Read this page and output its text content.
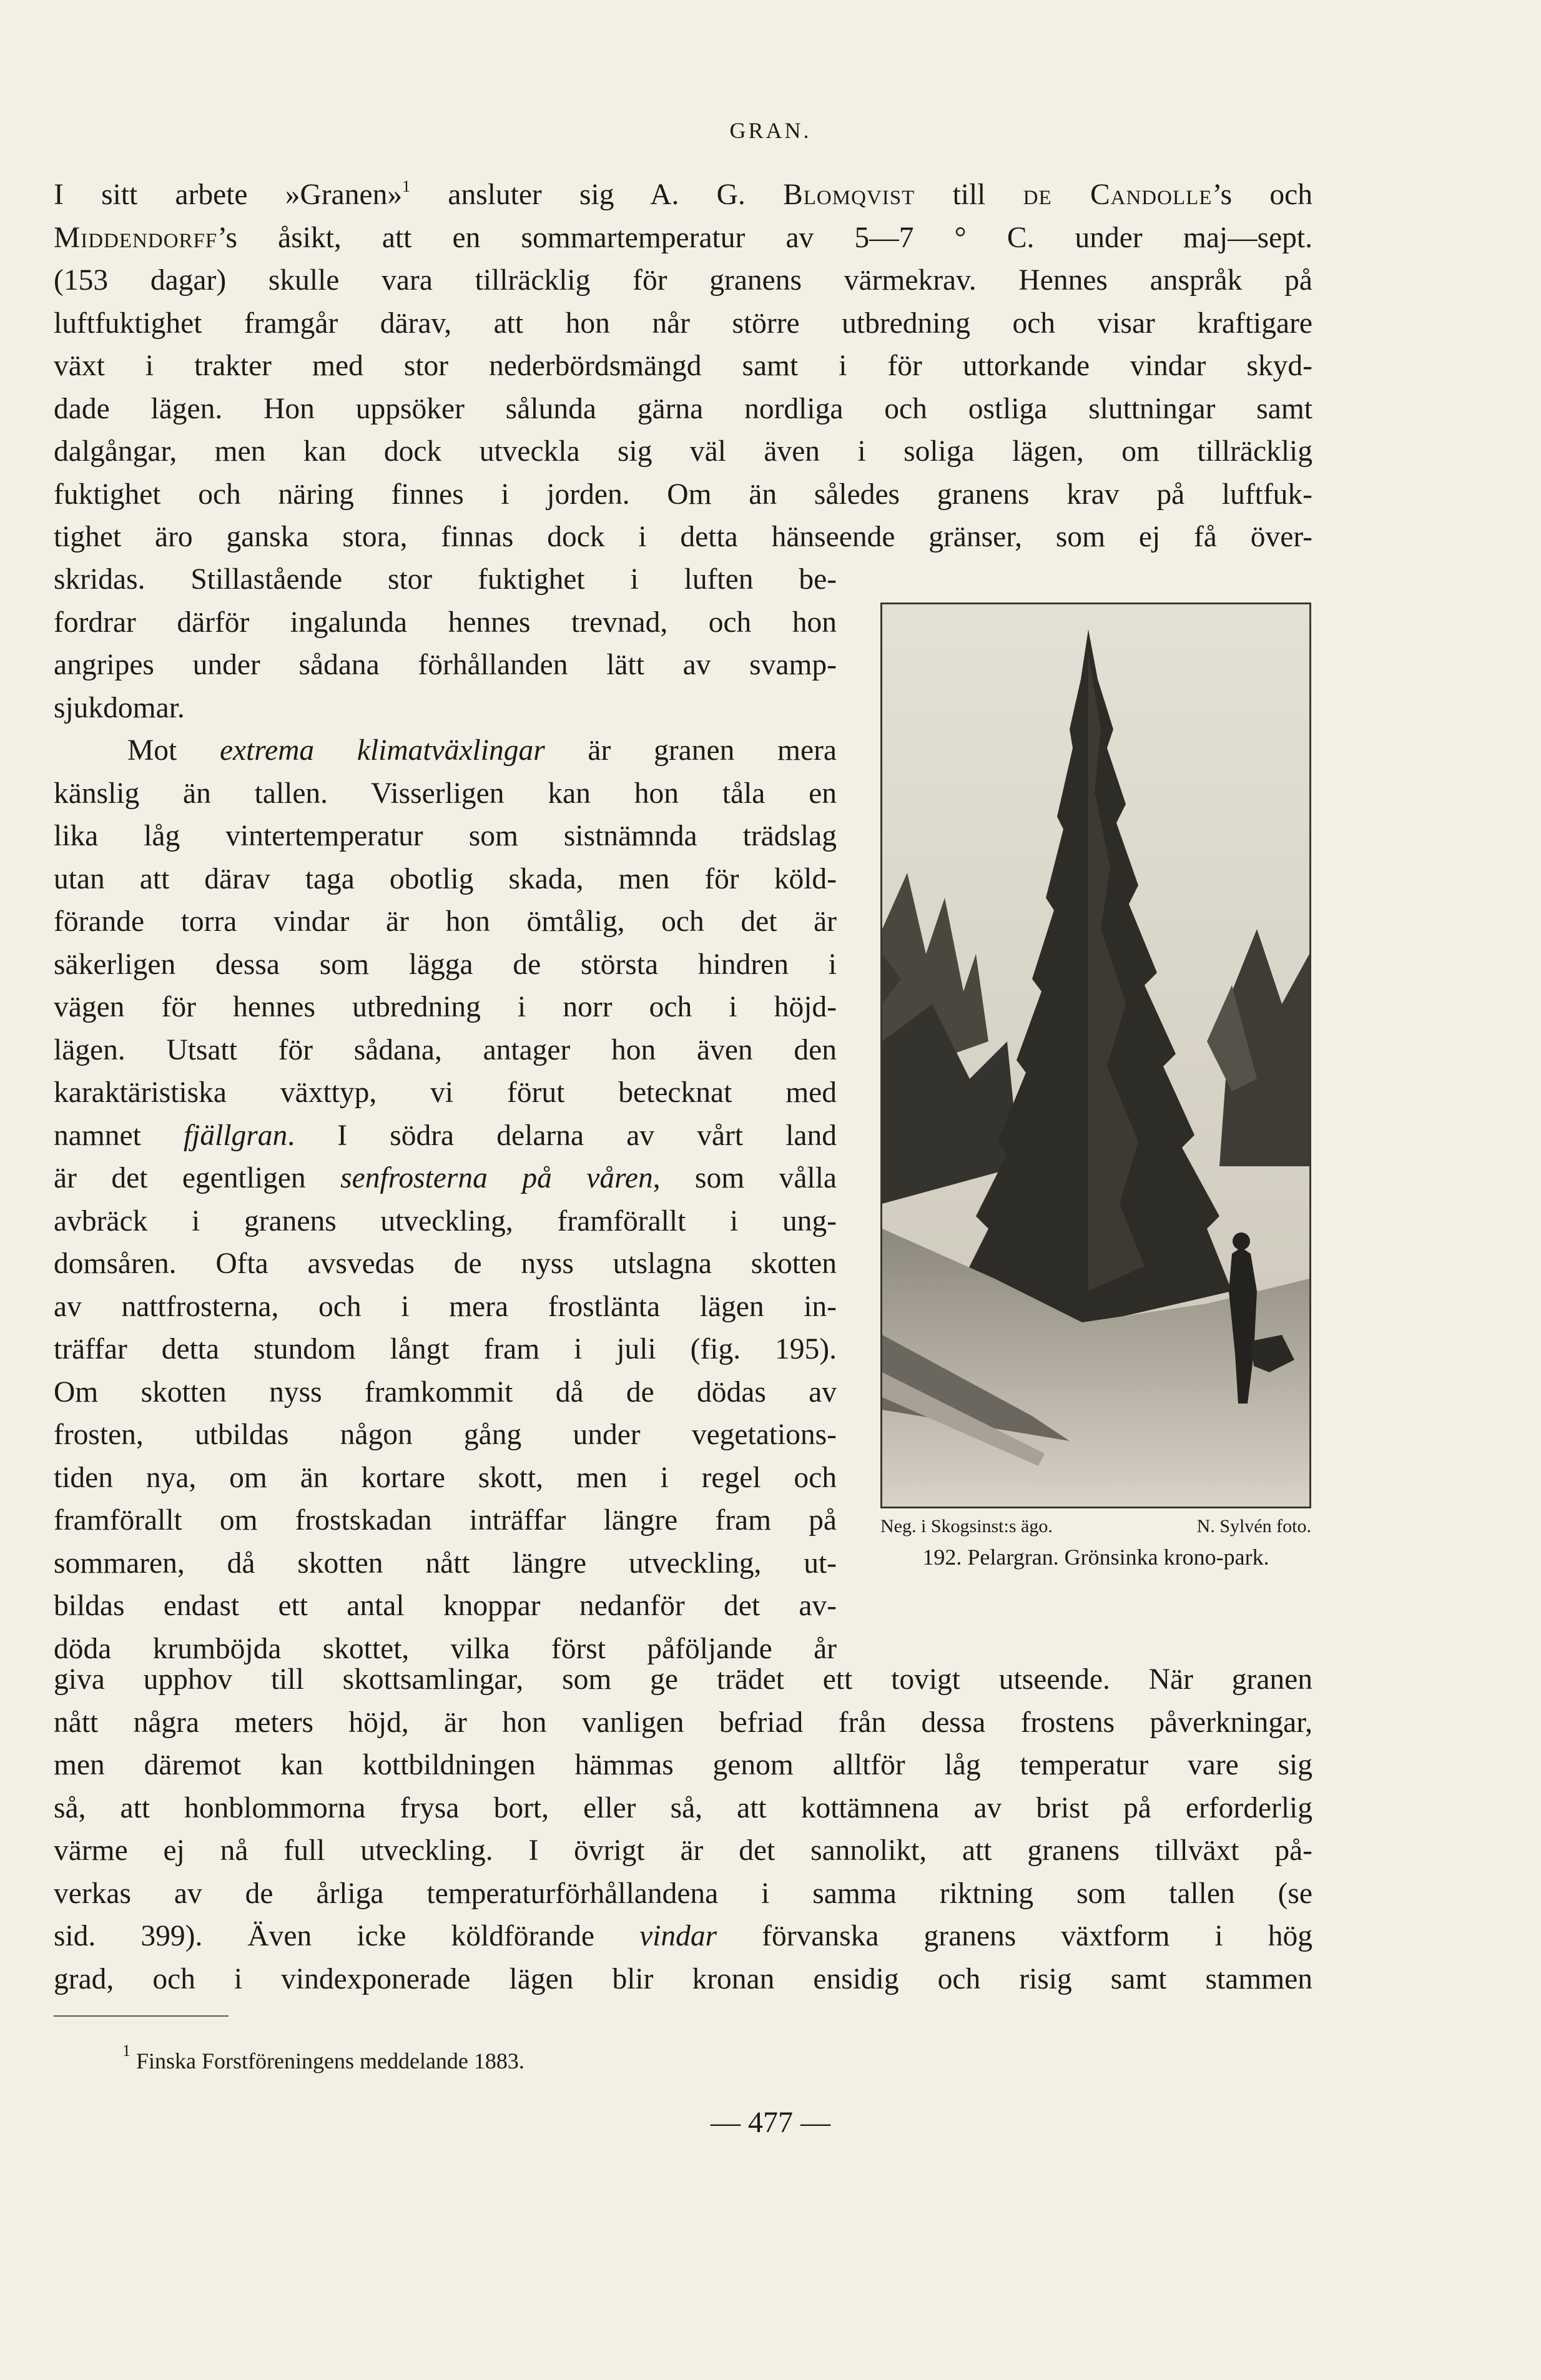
GRAN.
I sitt arbete »Granen»$^1$ ansluter sig A. G. Blomqvist till de Candolle’s och
Middendorff’s åsikt, att en sommartemperatur av 5—7 ° C. under maj—sept.
(153 dagar) skulle vara tillräcklig för granens värmekrav. Hennes anspråk på
luftfuktighet framgår därav, att hon når större utbredning och visar kraftigare
växt i trakter med stor nederbördsmängd samt i för uttorkande vindar skyd-
dade lägen. Hon uppsöker sålunda gärna nordliga och ostliga sluttningar samt
dalgångar, men kan dock utveckla sig väl även i soliga lägen, om tillräcklig
fuktighet och näring finnes i jorden. Om än således granens krav på luftfuk-
tighet äro ganska stora, finnas dock i detta hänseende gränser, som ej få över-
skridas. Stillastående stor fuktighet i luften be-
fordrar därför ingalunda hennes trevnad, och hon
angripes under sådana förhållanden lätt av svamp-
sjukdomar.
Mot extrema klimatväxlingar är granen mera
känslig än tallen. Visserligen kan hon tåla en
lika låg vintertemperatur som sistnämnda trädslag
utan att därav taga obotlig skada, men för köld-
förande torra vindar är hon ömtålig, och det är
säkerligen dessa som lägga de största hindren i
vägen för hennes utbredning i norr och i höjd-
lägen. Utsatt för sådana, antager hon även den
karaktäristiska växttyp, vi förut betecknat med
namnet fjällgran. I södra delarna av vårt land
är det egentligen senfrosterna på våren, som vålla
avbräck i granens utveckling, framförallt i ung-
domsåren. Ofta avsvedas de nyss utslagna skotten
av nattfrosterna, och i mera frostlänta lägen in-
träffar detta stundom långt fram i juli (fig. 195).
Om skotten nyss framkommit då de dödas av
frosten, utbildas någon gång under vegetations-
tiden nya, om än kortare skott, men i regel och
framförallt om frostskadan inträffar längre fram på
sommaren, då skotten nått längre utveckling, ut-
bildas endast ett antal knoppar nedanför det av-
döda krumböjda skottet, vilka först påföljande år
giva upphov till skottsamlingar, som ge trädet ett tovigt utseende. När granen
nått några meters höjd, är hon vanligen befriad från dessa frostens påverkningar,
men däremot kan kottbildningen hämmas genom alltför låg temperatur vare sig
så, att honblommorna frysa bort, eller så, att kottämnena av brist på erforderlig
värme ej nå full utveckling. I övrigt är det sannolikt, att granens tillväxt på-
verkas av de årliga temperaturförhållandena i samma riktning som tallen (se
sid. 399). Även icke köldförande vindar förvanska granens växtform i hög
grad, och i vindexponerade lägen blir kronan ensidig och risig samt stammen
Neg. i Skogsinst:s ägo.	N. Sylvén foto.
192. Pelargran. Grönsinka krono-park.
$^1$ Finska Forstföreningens meddelande 1883.
— 477 —
